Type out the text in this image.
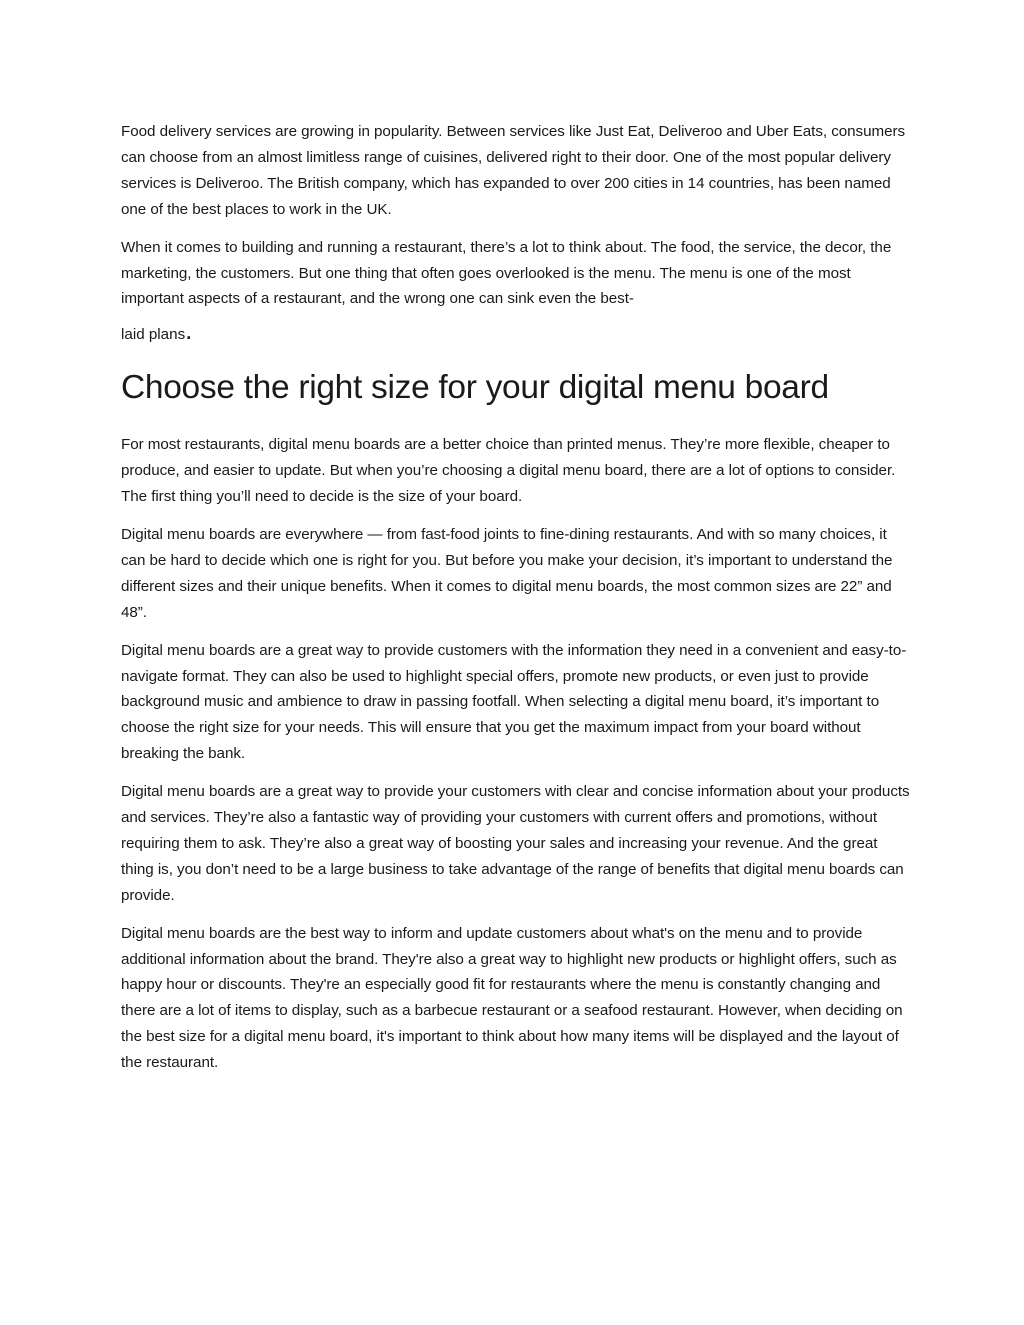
Food delivery services are growing in popularity. Between services like Just Eat, Deliveroo and Uber Eats, consumers can choose from an almost limitless range of cuisines, delivered right to their door. One of the most popular delivery services is Deliveroo. The British company, which has expanded to over 200 cities in 14 countries, has been named one of the best places to work in the UK.

When it comes to building and running a restaurant, there’s a lot to think about. The food, the service, the decor, the marketing, the customers. But one thing that often goes overlooked is the menu. The menu is one of the most important aspects of a restaurant, and the wrong one can sink even the best-

laid plans.

Choose the right size for your digital menu board

For most restaurants, digital menu boards are a better choice than printed menus. They’re more flexible, cheaper to produce, and easier to update. But when you’re choosing a digital menu board, there are a lot of options to consider. The first thing you’ll need to decide is the size of your board.

Digital menu boards are everywhere — from fast-food joints to fine-dining restaurants. And with so many choices, it can be hard to decide which one is right for you. But before you make your decision, it’s important to understand the different sizes and their unique benefits. When it comes to digital menu boards, the most common sizes are 22” and 48”.

Digital menu boards are a great way to provide customers with the information they need in a convenient and easy-to-navigate format. They can also be used to highlight special offers, promote new products, or even just to provide background music and ambience to draw in passing footfall. When selecting a digital menu board, it’s important to choose the right size for your needs. This will ensure that you get the maximum impact from your board without breaking the bank.

Digital menu boards are a great way to provide your customers with clear and concise information about your products and services. They’re also a fantastic way of providing your customers with current offers and promotions, without requiring them to ask. They’re also a great way of boosting your sales and increasing your revenue. And the great thing is, you don’t need to be a large business to take advantage of the range of benefits that digital menu boards can provide.

Digital menu boards are the best way to inform and update customers about what's on the menu and to provide additional information about the brand. They're also a great way to highlight new products or highlight offers, such as happy hour or discounts. They're an especially good fit for restaurants where the menu is constantly changing and there are a lot of items to display, such as a barbecue restaurant or a seafood restaurant. However, when deciding on the best size for a digital menu board, it's important to think about how many items will be displayed and the layout of the restaurant.
